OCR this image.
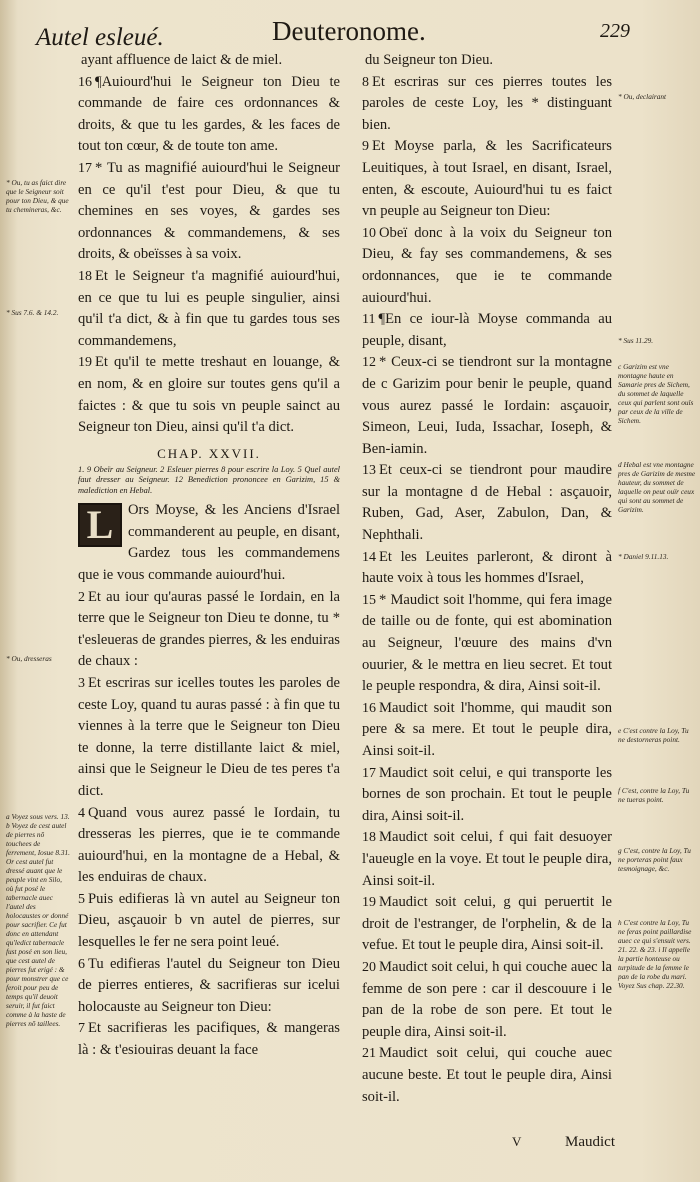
Autel esleué.	Deuteronome.	229

ayant affluence de laict & de miel.

16 ¶Auiourd'hui le Seigneur ton Dieu te commande de faire ces ordonnances & droits, & que tu les gardes, & les faces de tout ton cœur, & de toute ton ame.

17 * Tu as magnifié auiourd'hui le Seigneur en ce qu'il t'est pour Dieu, & que tu chemines en ses voyes, & gardes ses ordonnances & commandemens, & ses droits, & obeïsses à sa voix.

18 Et le Seigneur t'a magnifié auiourd'hui, en ce que tu lui es peuple singulier, ainsi qu'il t'a dict, & à fin que tu gardes tous ses commandemens,

19 Et qu'il te mette treshaut en louange, & en nom, & en gloire sur toutes gens qu'il a faictes : & que tu sois vn peuple sainct au Seigneur ton Dieu, ainsi qu'il t'a dict.

CHAP. XXVII.

1. 9 Obeïr au Seigneur. 2 Esleuer pierres 8 pour escrire la Loy. 5 Quel autel faut dresser au Seigneur. 12 Benediction prononcee en Garizim, 15 & malediction en Hebal.

L	Ors Moyse, & les Anciens d'Israel commanderent au peuple, en disant, Gardez tous les commandemens que ie vous commande auiourd'hui.

2 Et au iour qu'auras passé le Iordain, en la terre que le Seigneur ton Dieu te donne, tu * t'esleueras de grandes pierres, & les enduiras de chaux :

3 Et escriras sur icelles toutes les paroles de ceste Loy, quand tu auras passé : à fin que tu viennes à la terre que le Seigneur ton Dieu te donne, la terre distillante laict & miel, ainsi que le Seigneur le Dieu de tes peres t'a dict.

4 Quand vous aurez passé le Iordain, tu dresseras les pierres, que ie te commande auiourd'hui, en la montagne de a Hebal, & les enduiras de chaux.

5 Puis edifieras là vn autel au Seigneur ton Dieu, asçauoir b vn autel de pierres, sur lesquelles le fer ne sera point leué.

6 Tu edifieras l'autel du Seigneur ton Dieu de pierres entieres, & sacrifieras sur icelui holocauste au Seigneur ton Dieu:

7 Et sacrifieras les pacifiques, & mangeras là : & t'esiouiras deuant la face

du Seigneur ton Dieu.

8 Et escriras sur ces pierres toutes les paroles de ceste Loy, les * distinguant bien.

9 Et Moyse parla, & les Sacrificateurs Leuitiques, à tout Israel, en disant, Israel, enten, & escoute, Auiourd'hui tu es faict vn peuple au Seigneur ton Dieu:

10 Obeï donc à la voix du Seigneur ton Dieu, & fay ses commandemens, & ses ordonnances, que ie te commande auiourd'hui.

11 ¶En ce iour-là Moyse commanda au peuple, disant,

12 * Ceux-ci se tiendront sur la montagne de c Garizim pour benir le peuple, quand vous aurez passé le Iordain: asçauoir, Simeon, Leui, Iuda, Issachar, Ioseph, & Ben-iamin.

13 Et ceux-ci se tiendront pour maudire sur la montagne d de Hebal : asçauoir, Ruben, Gad, Aser, Zabulon, Dan, & Nephthali.

14 Et les Leuites parleront, & diront à haute voix à tous les hommes d'Israel,

15 * Maudict soit l'homme, qui fera image de taille ou de fonte, qui est abomination au Seigneur, l'œuure des mains d'vn ouurier, & le mettra en lieu secret. Et tout le peuple respondra, & dira, Ainsi soit-il.

16 Maudict soit l'homme, qui maudit son pere & sa mere. Et tout le peuple dira, Ainsi soit-il.

17 Maudict soit celui, e qui transporte les bornes de son prochain. Et tout le peuple dira, Ainsi soit-il.

18 Maudict soit celui, f qui fait desuoyer l'aueugle en la voye. Et tout le peuple dira, Ainsi soit-il.

19 Maudict soit celui, g qui peruertit le droit de l'estranger, de l'orphelin, & de la vefue. Et tout le peuple dira, Ainsi soit-il.

20 Maudict soit celui, h qui couche auec la femme de son pere : car il descouure i le pan de la robe de son pere. Et tout le peuple dira, Ainsi soit-il.

21 Maudict soit celui, qui couche auec aucune beste. Et tout le peuple dira, Ainsi soit-il.

V	Maudict
* Ou, tu as faict dire que le Seigneur soit pour ton Dieu, & que tu chemineras, &c.
* Sus 7.6. & 14.2.
* Ou, dresseras
a Voyez sous vers. 13. b Voyez de cest autel de pierres nō touchees de ferrement, Iosue 8.31. Or cest autel fut dressé auant que le peuple vint en Silo, où fut posé le tabernacle auec l'autel des holocaustes or donné pour sacrifier. Ce fut donc en attendant qu'ledict tabernacle fust posé en son lieu, que cest autel de pierres fut erigé : & pour monstrer que ce feroit pour peu de temps qu'il deuoit seruir, il fut faict comme à la haste de pierres nō taillees.
* Ou, declairant
* Sus 11.29.
c Garizim est vne montagne haute en Samarie pres de Sichem, du sommet de laquelle ceux qui parlent sont ouïs par ceux de la ville de Sichem.
d Hebal est vne montagne pres de Garizim de mesme hauteur, du sommet de laquelle on peut ouïr ceux qui sont au sommet de Garizim.
* Daniel 9.11.13.
e C'est contre la Loy, Tu ne destorneras point.
f C'est, contre la Loy, Tu ne tueras point.
g C'est, contre la Loy, Tu ne porteras point faux tesmoignage, &c.
h C'est contre la Loy, Tu ne feras point paillardise auec ce qui s'ensuit vers. 21. 22. & 23. i Il appelle la partie honteuse ou turpitude de la femme le pan de la robe du mari. Voyez Sus chap. 22.30.
